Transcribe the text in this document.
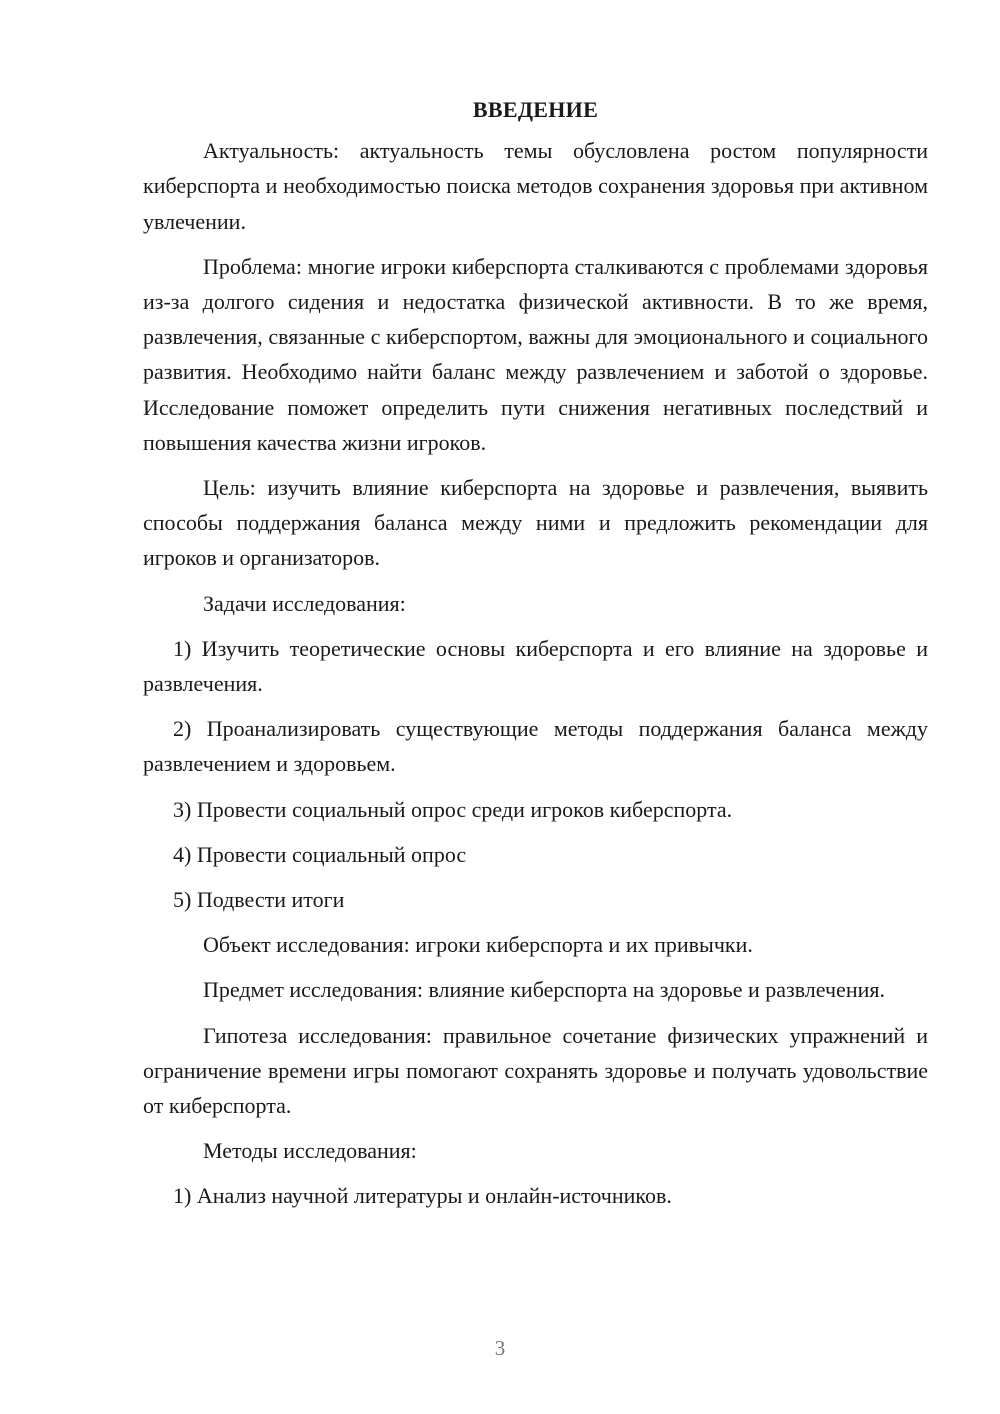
ВВЕДЕНИЕ

Актуальность: актуальность темы обусловлена ростом популярности киберспорта и необходимостью поиска методов сохранения здоровья при активном увлечении.

Проблема: многие игроки киберспорта сталкиваются с проблемами здоровья из-за долгого сидения и недостатка физической активности. В то же время, развлечения, связанные с киберспортом, важны для эмоционального и социального развития. Необходимо найти баланс между развлечением и заботой о здоровье. Исследование поможет определить пути снижения негативных последствий и повышения качества жизни игроков.

Цель: изучить влияние киберспорта на здоровье и развлечения, выявить способы поддержания баланса между ними и предложить рекомендации для игроков и организаторов.

Задачи исследования:

1) Изучить теоретические основы киберспорта и его влияние на здоровье и развлечения.

2) Проанализировать существующие методы поддержания баланса между развлечением и здоровьем.

3) Провести социальный опрос среди игроков киберспорта.

4) Провести социальный опрос

5) Подвести итоги

Объект исследования: игроки киберспорта и их привычки.

Предмет исследования: влияние киберспорта на здоровье и развлечения.

Гипотеза исследования: правильное сочетание физических упражнений и ограничение времени игры помогают сохранять здоровье и получать удовольствие от киберспорта.

Методы исследования:

1) Анализ научной литературы и онлайн-источников.

3
